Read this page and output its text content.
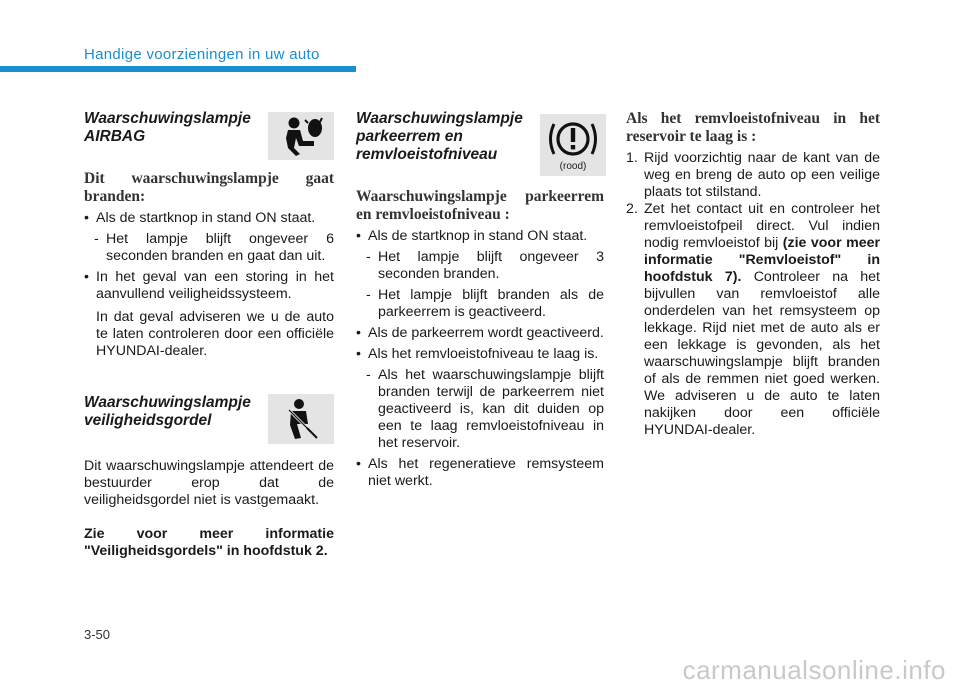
Handige voorzieningen in uw auto

Waarschuwingslampje

AIRBAG

Dit waarschuwingslampje gaat branden:

• Als de startknop in stand ON staat.
- Het lampje blijft ongeveer 6 seconden branden en gaat dan uit.
• In het geval van een storing in het aanvullend veiligheidssysteem.
In dat geval adviseren we u de auto te laten controleren door een officiële HYUNDAI-dealer.

Waarschuwingslampje

veiligheidsgordel

Dit waarschuwingslampje attendeert de bestuurder erop dat de veiligheidsgordel niet is vastgemaakt.

Zie voor meer informatie "Veiligheidsgordels" in hoofdstuk 2.

Waarschuwingslampje

parkeerrem en

remvloeistofniveau

(rood)

Waarschuwingslampje parkeerrem en remvloeistofniveau :

• Als de startknop in stand ON staat.
- Het lampje blijft ongeveer 3 seconden branden.
- Het lampje blijft branden als de parkeerrem is geactiveerd.
• Als de parkeerrem wordt geactiveerd.
• Als het remvloeistofniveau te laag is.
- Als het waarschuwingslampje blijft branden terwijl de parkeerrem niet geactiveerd is, kan dit duiden op een te laag remvloeistofniveau in het reservoir.
• Als het regeneratieve remsysteem niet werkt.

Als het remvloeistofniveau in het reservoir te laag is :

1. Rijd voorzichtig naar de kant van de weg en breng de auto op een veilige plaats tot stilstand.
2. Zet het contact uit en controleer het remvloeistofpeil direct. Vul indien nodig remvloeistof bij (zie voor meer informatie "Remvloeistof" in hoofdstuk 7). Controleer na het bijvullen van remvloeistof alle onderdelen van het remsysteem op lekkage. Rijd niet met de auto als er een lekkage is gevonden, als het waarschuwingslampje blijft branden of als de remmen niet goed werken. We adviseren u de auto te laten nakijken door een officiële HYUNDAI-dealer.
3-50
carmanualsonline.info
